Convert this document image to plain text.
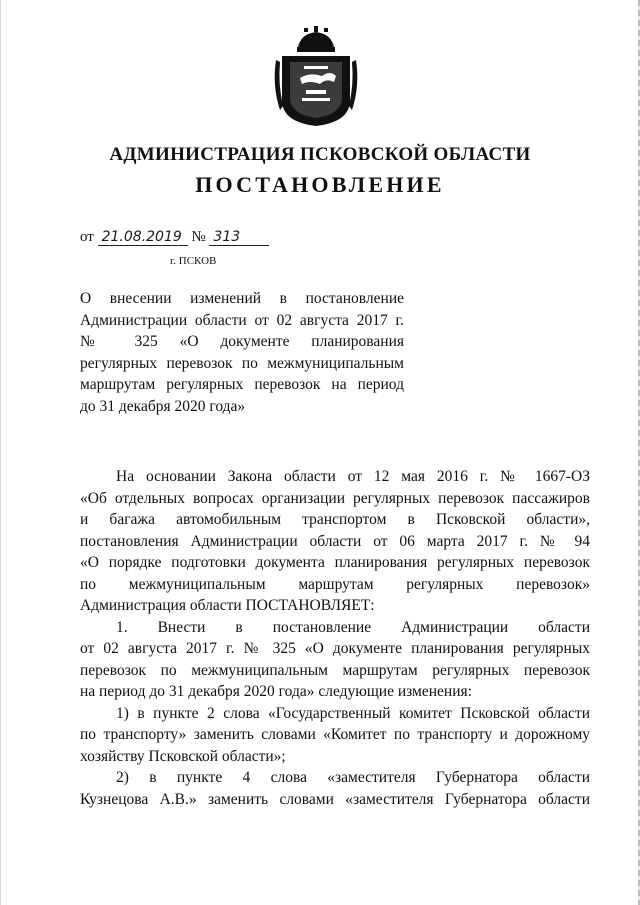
АДМИНИСТРАЦИЯ ПСКОВСКОЙ ОБЛАСТИ
ПОСТАНОВЛЕНИЕ
от 21.08.2019 № 313
г. ПСКОВ
О внесении изменений в постановление
Администрации области от 02 августа 2017 г.
№ 325 «О документе планирования
регулярных перевозок по межмуниципальным
маршрутам регулярных перевозок на период
до 31 декабря 2020 года»
На основании Закона области от 12 мая 2016 г. № 1667-ОЗ
«Об отдельных вопросах организации регулярных перевозок пассажиров
и багажа автомобильным транспортом в Псковской области»,
постановления Администрации области от 06 марта 2017 г. № 94
«О порядке подготовки документа планирования регулярных перевозок
по межмуниципальным маршрутам регулярных перевозок»
Администрация области ПОСТАНОВЛЯЕТ:
1. Внести в постановление Администрации области
от 02 августа 2017 г. № 325 «О документе планирования регулярных
перевозок по межмуниципальным маршрутам регулярных перевозок
на период до 31 декабря 2020 года» следующие изменения:
1) в пункте 2 слова «Государственный комитет Псковской области
по транспорту» заменить словами «Комитет по транспорту и дорожному
хозяйству Псковской области»;
2) в пункте 4 слова «заместителя Губернатора области
Кузнецова А.В.» заменить словами «заместителя Губернатора области
